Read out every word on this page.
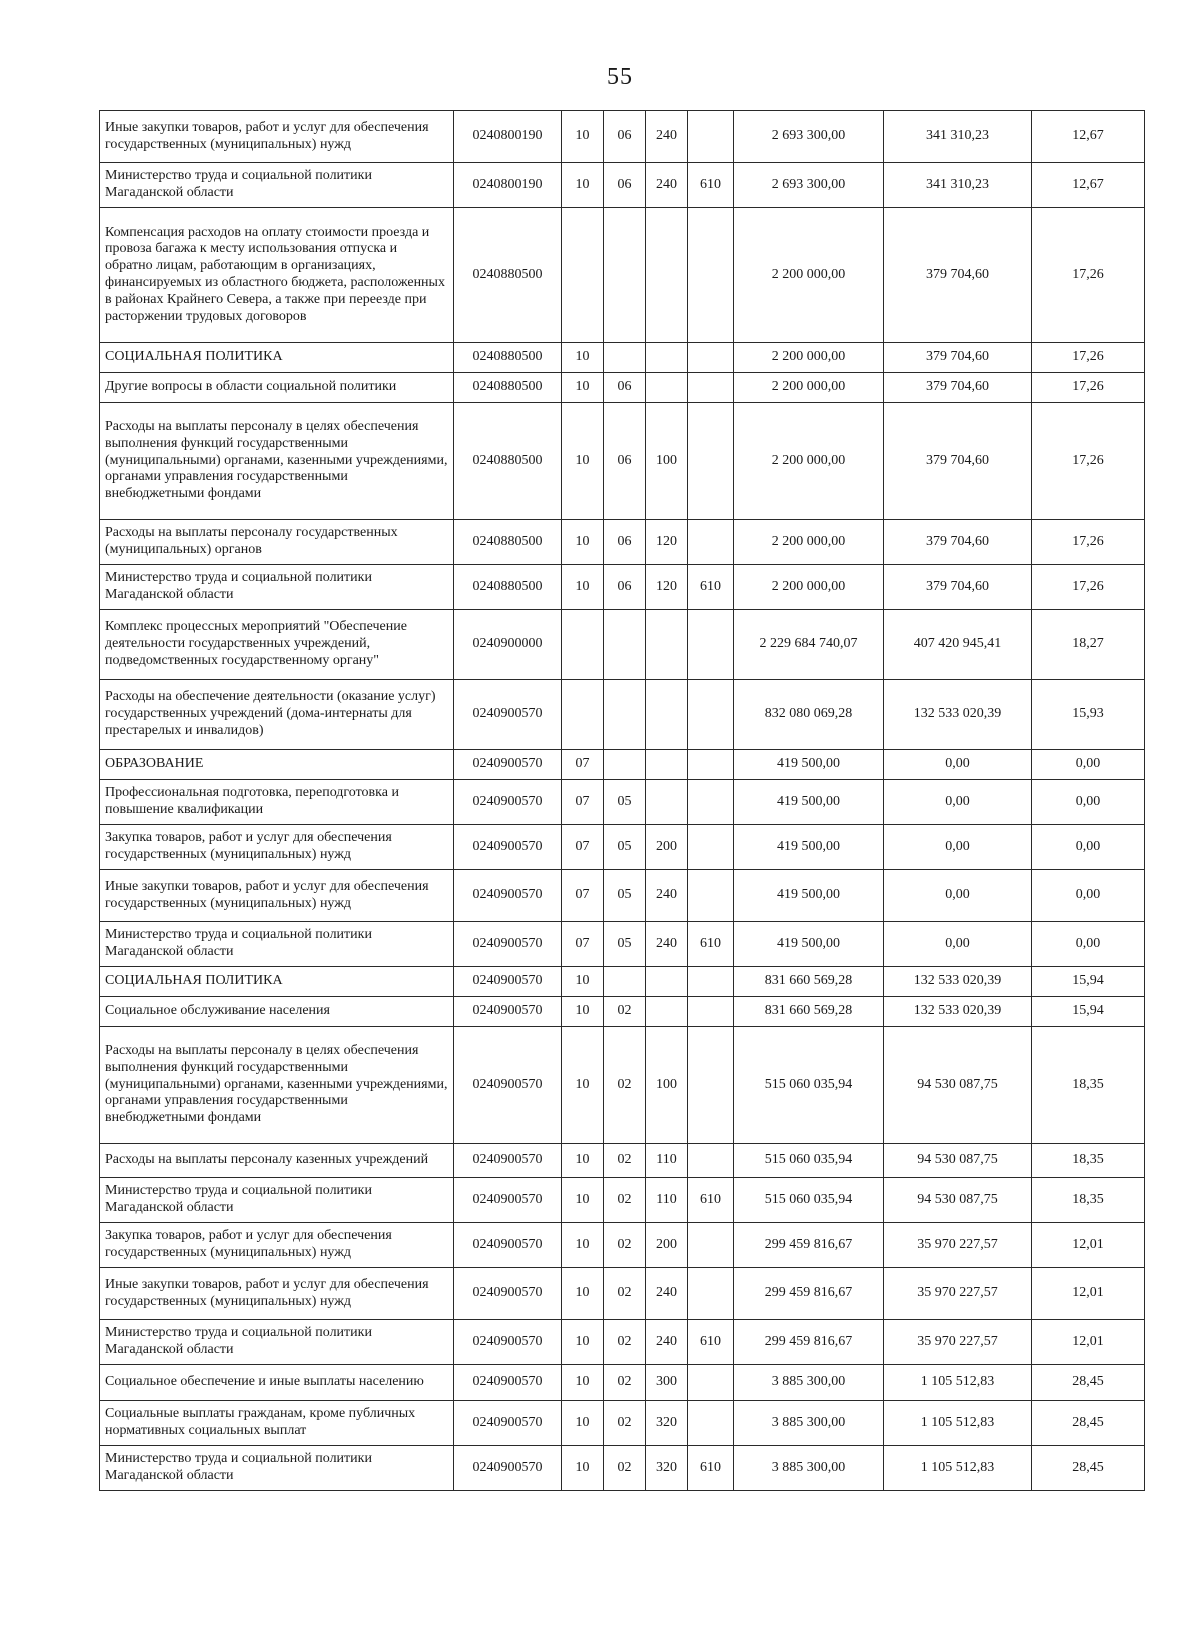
55
Иные закупки товаров, работ и услуг для обеспечения государственных (муниципальных) нужд	0240800190	10	06	240		2 693 300,00	341 310,23	12,67
Министерство труда и социальной политики Магаданской области	0240800190	10	06	240	610	2 693 300,00	341 310,23	12,67
Компенсация расходов на оплату стоимости проезда и провоза багажа к месту использования отпуска и обратно лицам, работающим в организациях, финансируемых из областного бюджета, расположенных в районах Крайнего Севера, а также при переезде при расторжении трудовых договоров	0240880500					2 200 000,00	379 704,60	17,26
СОЦИАЛЬНАЯ ПОЛИТИКА	0240880500	10				2 200 000,00	379 704,60	17,26
Другие вопросы в области социальной политики	0240880500	10	06			2 200 000,00	379 704,60	17,26
Расходы на выплаты персоналу в целях обеспечения выполнения функций государственными (муниципальными) органами, казенными учреждениями, органами управления государственными внебюджетными фондами	0240880500	10	06	100		2 200 000,00	379 704,60	17,26
Расходы на выплаты персоналу государственных (муниципальных) органов	0240880500	10	06	120		2 200 000,00	379 704,60	17,26
Министерство труда и социальной политики Магаданской области	0240880500	10	06	120	610	2 200 000,00	379 704,60	17,26
Комплекс процессных мероприятий "Обеспечение деятельности государственных учреждений, подведомственных государственному органу"	0240900000					2 229 684 740,07	407 420 945,41	18,27
Расходы на обеспечение деятельности (оказание услуг) государственных учреждений (дома-интернаты для престарелых и инвалидов)	0240900570					832 080 069,28	132 533 020,39	15,93
ОБРАЗОВАНИЕ	0240900570	07				419 500,00	0,00	0,00
Профессиональная подготовка, переподготовка и повышение квалификации	0240900570	07	05			419 500,00	0,00	0,00
Закупка товаров, работ и услуг для обеспечения государственных (муниципальных) нужд	0240900570	07	05	200		419 500,00	0,00	0,00
Иные закупки товаров, работ и услуг для обеспечения государственных (муниципальных) нужд	0240900570	07	05	240		419 500,00	0,00	0,00
Министерство труда и социальной политики Магаданской области	0240900570	07	05	240	610	419 500,00	0,00	0,00
СОЦИАЛЬНАЯ ПОЛИТИКА	0240900570	10				831 660 569,28	132 533 020,39	15,94
Социальное обслуживание населения	0240900570	10	02			831 660 569,28	132 533 020,39	15,94
Расходы на выплаты персоналу в целях обеспечения выполнения функций государственными (муниципальными) органами, казенными учреждениями, органами управления государственными внебюджетными фондами	0240900570	10	02	100		515 060 035,94	94 530 087,75	18,35
Расходы на выплаты персоналу казенных учреждений	0240900570	10	02	110		515 060 035,94	94 530 087,75	18,35
Министерство труда и социальной политики Магаданской области	0240900570	10	02	110	610	515 060 035,94	94 530 087,75	18,35
Закупка товаров, работ и услуг для обеспечения государственных (муниципальных) нужд	0240900570	10	02	200		299 459 816,67	35 970 227,57	12,01
Иные закупки товаров, работ и услуг для обеспечения государственных (муниципальных) нужд	0240900570	10	02	240		299 459 816,67	35 970 227,57	12,01
Министерство труда и социальной политики Магаданской области	0240900570	10	02	240	610	299 459 816,67	35 970 227,57	12,01
Социальное обеспечение и иные выплаты населению	0240900570	10	02	300		3 885 300,00	1 105 512,83	28,45
Социальные выплаты гражданам, кроме публичных нормативных социальных выплат	0240900570	10	02	320		3 885 300,00	1 105 512,83	28,45
Министерство труда и социальной политики Магаданской области	0240900570	10	02	320	610	3 885 300,00	1 105 512,83	28,45
